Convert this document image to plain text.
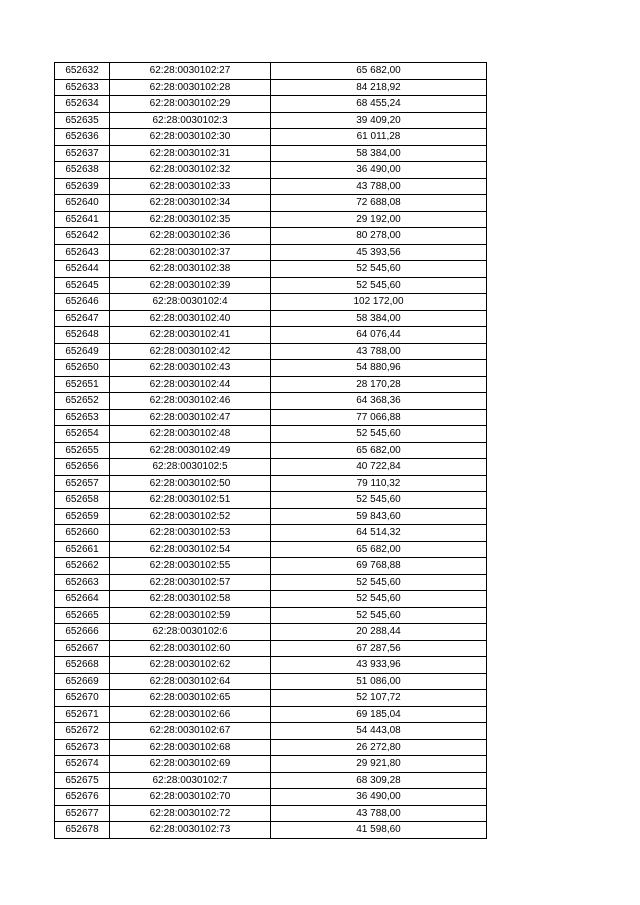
652632	62:28:0030102:27	65 682,00
652633	62:28:0030102:28	84 218,92
652634	62:28:0030102:29	68 455,24
652635	62:28:0030102:3	39 409,20
652636	62:28:0030102:30	61 011,28
652637	62:28:0030102:31	58 384,00
652638	62:28:0030102:32	36 490,00
652639	62:28:0030102:33	43 788,00
652640	62:28:0030102:34	72 688,08
652641	62:28:0030102:35	29 192,00
652642	62:28:0030102:36	80 278,00
652643	62:28:0030102:37	45 393,56
652644	62:28:0030102:38	52 545,60
652645	62:28:0030102:39	52 545,60
652646	62:28:0030102:4	102 172,00
652647	62:28:0030102:40	58 384,00
652648	62:28:0030102:41	64 076,44
652649	62:28:0030102:42	43 788,00
652650	62:28:0030102:43	54 880,96
652651	62:28:0030102:44	28 170,28
652652	62:28:0030102:46	64 368,36
652653	62:28:0030102:47	77 066,88
652654	62:28:0030102:48	52 545,60
652655	62:28:0030102:49	65 682,00
652656	62:28:0030102:5	40 722,84
652657	62:28:0030102:50	79 110,32
652658	62:28:0030102:51	52 545,60
652659	62:28:0030102:52	59 843,60
652660	62:28:0030102:53	64 514,32
652661	62:28:0030102:54	65 682,00
652662	62:28:0030102:55	69 768,88
652663	62:28:0030102:57	52 545,60
652664	62:28:0030102:58	52 545,60
652665	62:28:0030102:59	52 545,60
652666	62:28:0030102:6	20 288,44
652667	62:28:0030102:60	67 287,56
652668	62:28:0030102:62	43 933,96
652669	62:28:0030102:64	51 086,00
652670	62:28:0030102:65	52 107,72
652671	62:28:0030102:66	69 185,04
652672	62:28:0030102:67	54 443,08
652673	62:28:0030102:68	26 272,80
652674	62:28:0030102:69	29 921,80
652675	62:28:0030102:7	68 309,28
652676	62:28:0030102:70	36 490,00
652677	62:28:0030102:72	43 788,00
652678	62:28:0030102:73	41 598,60
